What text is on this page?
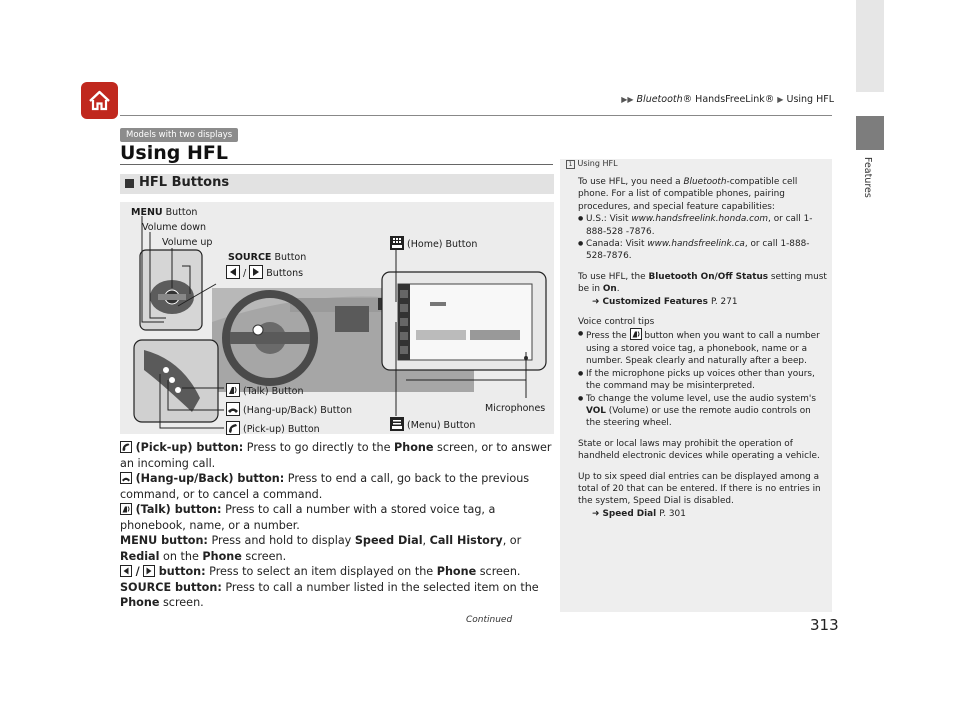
▶▶ Bluetooth® HandsFreeLink® ▶ Using HFL
Features
Models with two displays
Using HFL
HFL Buttons
MENU Button
Volume down
Volume up
SOURCE Button
/  Buttons
(Home) Button
(Talk) Button
(Hang-up/Back) Button
(Pick-up) Button	(Menu) Button
Microphones

(Pick-up) button: Press to go directly to the Phone screen, or to answer an incoming call.

(Hang-up/Back) button: Press to end a call, go back to the previous command, or to cancel a command.

(Talk) button: Press to call a number with a stored voice tag, a phonebook, name, or a number.

MENU button: Press and hold to display Speed Dial, Call History, or Redial on the Phone screen.

/ button: Press to select an item displayed on the Phone screen.

SOURCE button: Press to call a number listed in the selected item on the Phone screen.

Continued	313
1 Using HFL

To use HFL, you need a Bluetooth-compatible cell phone. For a list of compatible phones, pairing procedures, and special feature capabilities:

● U.S.: Visit www.handsfreelink.honda.com, or call 1-888-528 -7876.
● Canada: Visit www.handsfreelink.ca, or call 1-888-528-7876.

To use HFL, the Bluetooth On/Off Status setting must be in On.

➜ Customized Features P. 271

Voice control tips

● Press the button when you want to call a number using a stored voice tag, a phonebook, name or a number. Speak clearly and naturally after a beep.
● If the microphone picks up voices other than yours, the command may be misinterpreted.
● To change the volume level, use the audio system's VOL (Volume) or use the remote audio controls on the steering wheel.

State or local laws may prohibit the operation of handheld electronic devices while operating a vehicle.

Up to six speed dial entries can be displayed among a total of 20 that can be entered. If there is no entries in the system, Speed Dial is disabled.

➜ Speed Dial P. 301
